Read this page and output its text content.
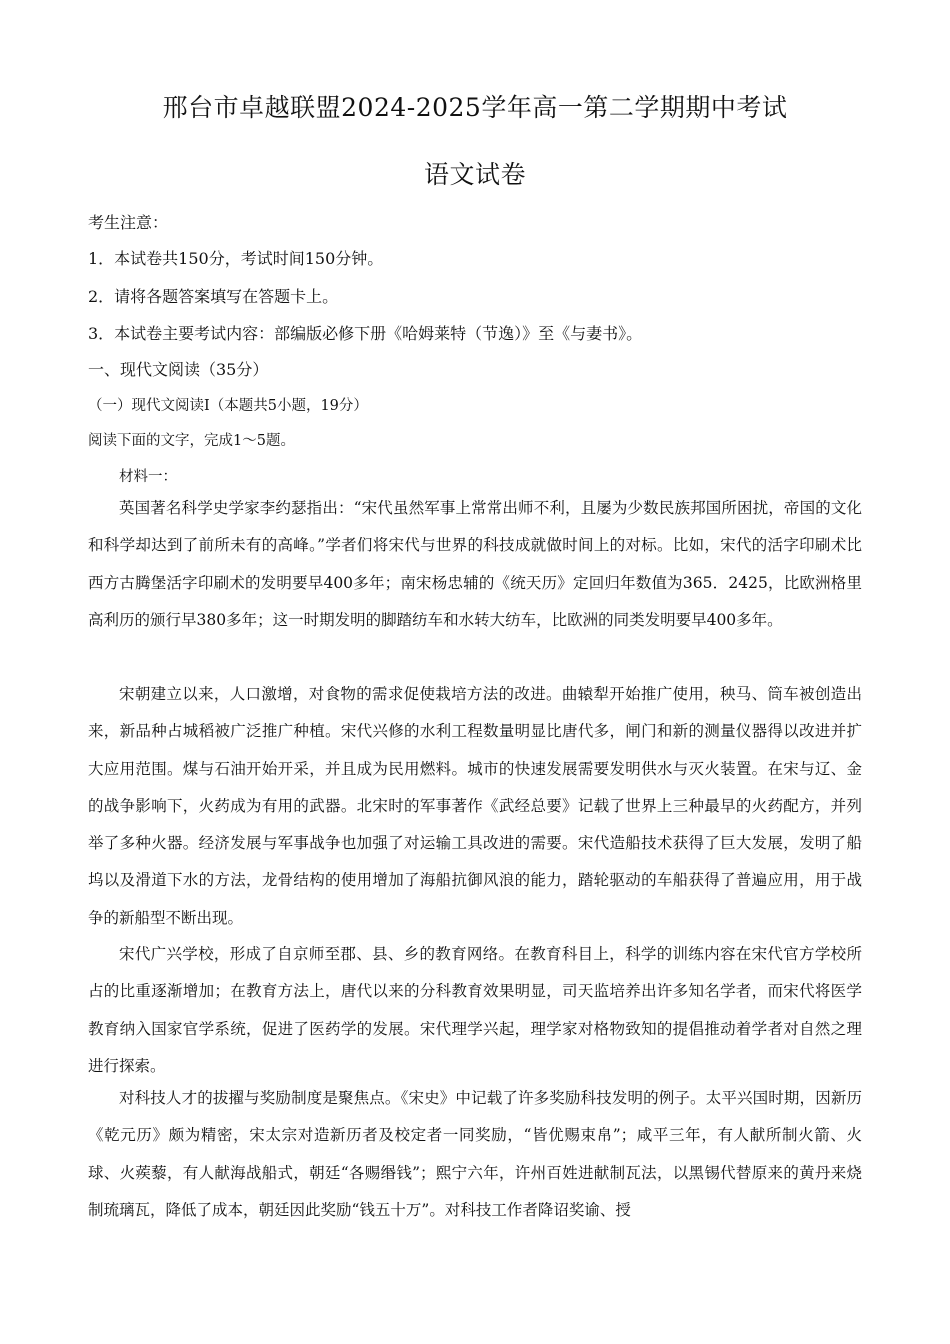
邢台市卓越联盟2024-2025学年高一第二学期期中考试
语文试卷
考生注意：
1．本试卷共150分，考试时间150分钟。
2．请将各题答案填写在答题卡上。
3．本试卷主要考试内容：部编版必修下册《哈姆莱特（节逸）》至《与妻书》。
一、现代文阅读（35分）
（一）现代文阅读Ⅰ（本题共5小题，19分）
阅读下面的文字，完成1～5题。
材料一：

英国著名科学史学家李约瑟指出：“宋代虽然军事上常常出师不利，且屡为少数民族邦国所困扰，帝国的文化和科学却达到了前所未有的高峰。”学者们将宋代与世界的科技成就做时间上的对标。比如，宋代的活字印刷术比西方古腾堡活字印刷术的发明要早400多年；南宋杨忠辅的《统天历》定回归年数值为365．2425，比欧洲格里高利历的颁行早380多年；这一时期发明的脚踏纺车和水转大纺车，比欧洲的同类发明要早400多年。

宋朝建立以来，人口激增，对食物的需求促使栽培方法的改进。曲辕犁开始推广使用，秧马、筒车被创造出来，新品种占城稻被广泛推广种植。宋代兴修的水利工程数量明显比唐代多，闸门和新的测量仪器得以改进并扩大应用范围。煤与石油开始开采，并且成为民用燃料。城市的快速发展需要发明供水与灭火装置。在宋与辽、金的战争影响下，火药成为有用的武器。北宋时的军事著作《武经总要》记载了世界上三种最早的火药配方，并列举了多种火器。经济发展与军事战争也加强了对运输工具改进的需要。宋代造船技术获得了巨大发展，发明了船坞以及滑道下水的方法，龙骨结构的使用增加了海船抗御风浪的能力，踏轮驱动的车船获得了普遍应用，用于战争的新船型不断出现。

宋代广兴学校，形成了自京师至郡、县、乡的教育网络。在教育科目上，科学的训练内容在宋代官方学校所占的比重逐渐增加；在教育方法上，唐代以来的分科教育效果明显，司天监培养出许多知名学者，而宋代将医学教育纳入国家官学系统，促进了医药学的发展。宋代理学兴起，理学家对格物致知的提倡推动着学者对自然之理进行探索。

对科技人才的拔擢与奖励制度是聚焦点。《宋史》中记载了许多奖励科技发明的例子。太平兴国时期，因新历《乾元历》颇为精密，宋太宗对造新历者及校定者一同奖励，“皆优赐束帛”；咸平三年，有人献所制火箭、火球、火蒺藜，有人献海战船式，朝廷“各赐缗钱”；熙宁六年，许州百姓进献制瓦法，以黑锡代替原来的黄丹来烧制琉璃瓦，降低了成本，朝廷因此奖励“钱五十万”。对科技工作者降诏奖谕、授
